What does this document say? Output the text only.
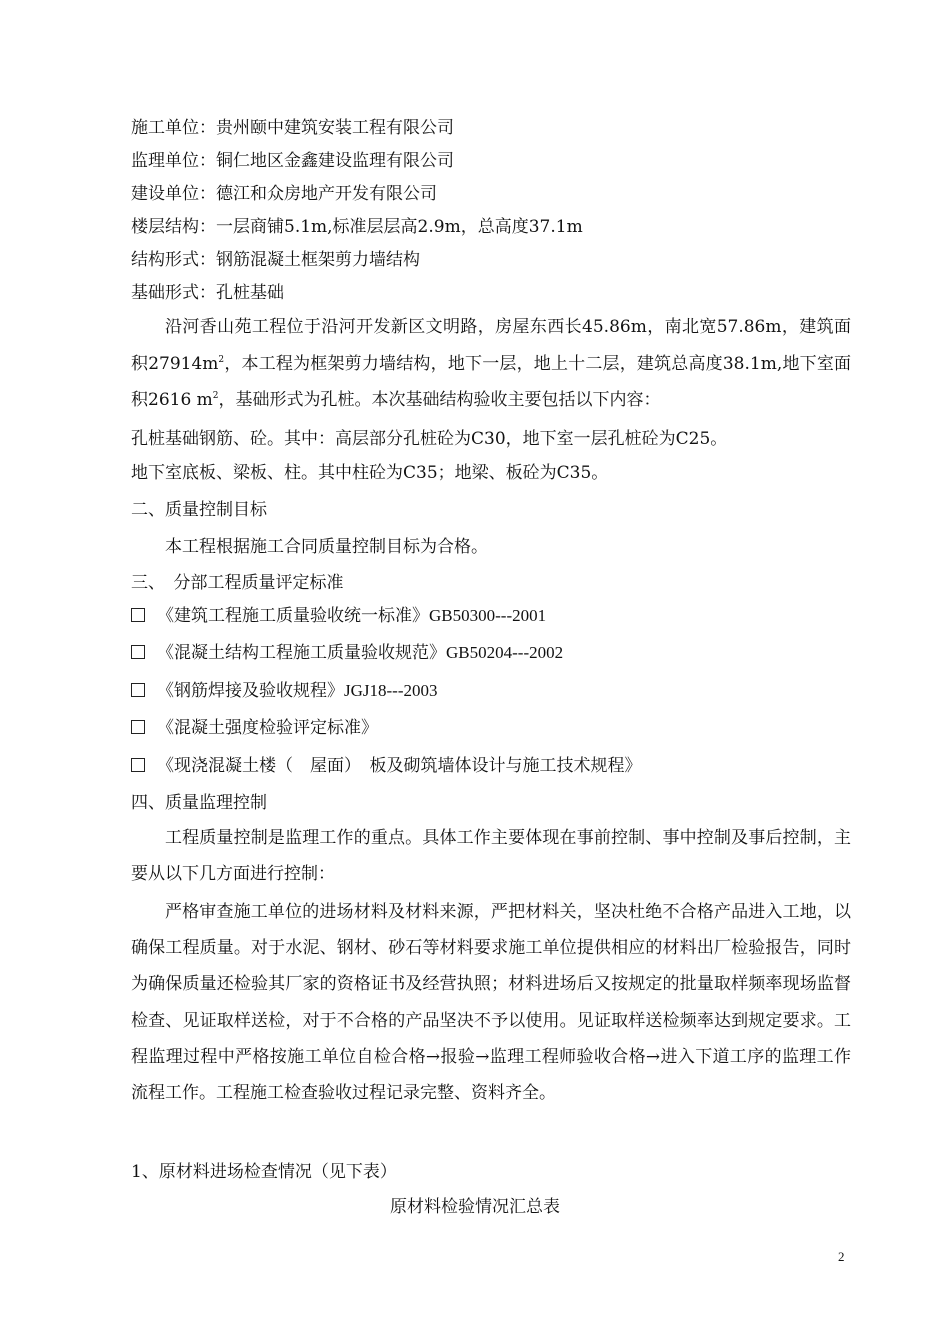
施工单位：贵州颐中建筑安装工程有限公司
监理单位：铜仁地区金鑫建设监理有限公司
建设单位：德江和众房地产开发有限公司
楼层结构：一层商铺5.1m,标准层层高2.9m，总高度37.1m
结构形式：钢筋混凝土框架剪力墙结构
基础形式：孔桩基础
沿河香山苑工程位于沿河开发新区文明路，房屋东西长45.86m，南北宽57.86m，建筑面积$27914m^2$，本工程为框架剪力墙结构，地下一层，地上十二层，建筑总高度38.1m,地下室面积2616 $m^2$，基础形式为孔桩。本次基础结构验收主要包括以下内容：
孔桩基础钢筋、砼。其中：高层部分孔桩砼为C30，地下室一层孔桩砼为C25。
地下室底板、梁板、柱。其中柱砼为C35；地梁、板砼为C35。
二、质量控制目标
本工程根据施工合同质量控制目标为合格。
三、　分部工程质量评定标准
《建筑工程施工质量验收统一标准》GB50300---2001
《混凝土结构工程施工质量验收规范》GB50204---2002
《钢筋焊接及验收规程》JGJ18---2003
《混凝土强度检验评定标准》
《现浇混凝土楼（　屋面）　板及砌筑墙体设计与施工技术规程》
四、质量监理控制
工程质量控制是监理工作的重点。具体工作主要体现在事前控制、事中控制及事后控制，主要从以下几方面进行控制：
严格审查施工单位的进场材料及材料来源，严把材料关，坚决杜绝不合格产品进入工地，以确保工程质量。对于水泥、钢材、砂石等材料要求施工单位提供相应的材料出厂检验报告，同时为确保质量还检验其厂家的资格证书及经营执照；材料进场后又按规定的批量取样频率现场监督检查、见证取样送检，对于不合格的产品坚决不予以使用。见证取样送检频率达到规定要求。工程监理过程中严格按施工单位自检合格→报验→监理工程师验收合格→进入下道工序的监理工作流程工作。工程施工检查验收过程记录完整、资料齐全。
1、原材料进场检查情况（见下表）
原材料检验情况汇总表
2
